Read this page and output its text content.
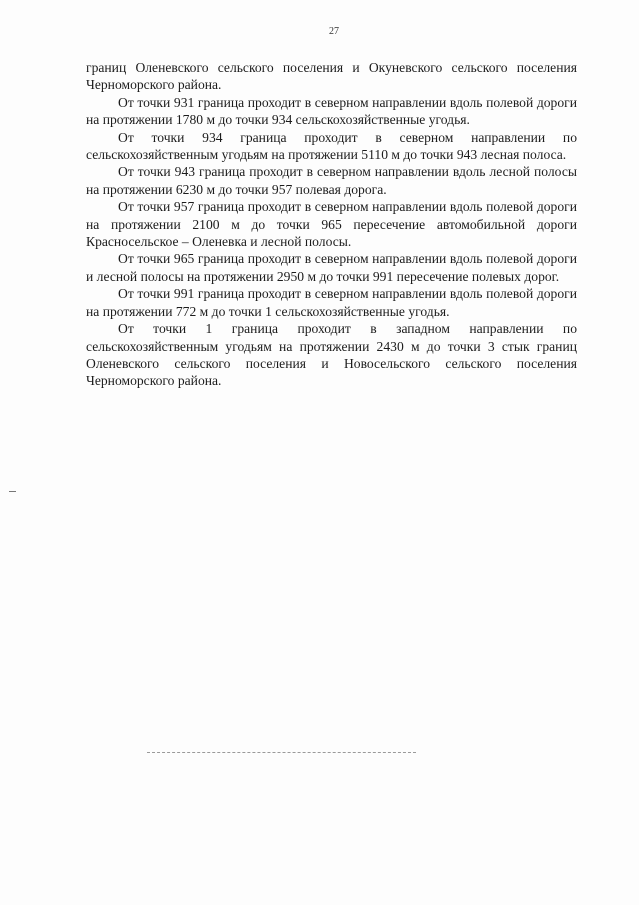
27

границ Оленевского сельского поселения и Окуневского сельского поселения Черноморского района.

От точки 931 граница проходит в северном направлении вдоль полевой дороги на протяжении 1780 м до точки 934 сельскохозяйственные угодья.

От точки 934 граница проходит в северном направлении по сельскохозяйственным угодьям на протяжении 5110 м до точки 943 лесная полоса.

От точки 943 граница проходит в северном направлении вдоль лесной полосы на протяжении 6230 м до точки 957 полевая дорога.

От точки 957 граница проходит в северном направлении вдоль полевой дороги на протяжении 2100 м до точки 965 пересечение автомобильной дороги Красносельское – Оленевка и лесной полосы.

От точки 965 граница проходит в северном направлении вдоль полевой дороги и лесной полосы на протяжении 2950 м до точки 991 пересечение полевых дорог.

От точки 991 граница проходит в северном направлении вдоль полевой дороги на протяжении 772 м до точки 1 сельскохозяйственные угодья.

От точки 1 граница проходит в западном направлении по сельскохозяйственным угодьям на протяжении 2430 м до точки 3 стык границ Оленевского сельского поселения и Новосельского сельского поселения Черноморского района.
